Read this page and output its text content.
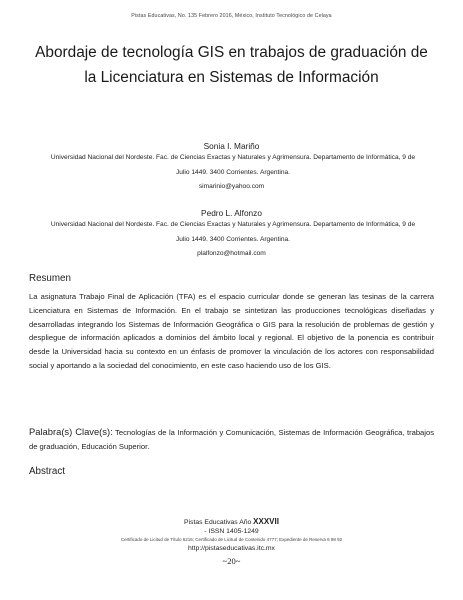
Pistas Educativas, No. 135 Febrero 2016, México, Instituto Tecnológico de Celaya
Abordaje de tecnología GIS en trabajos de graduación de la Licenciatura en Sistemas de Información
Sonia I. Mariño
Universidad Nacional del Nordeste. Fac. de Ciencias Exactas y Naturales y Agrimensura. Departamento de Informática, 9 de Julio 1449. 3400 Corrientes. Argentina.
simarinio@yahoo.com
Pedro L. Alfonzo
Universidad Nacional del Nordeste. Fac. de Ciencias Exactas y Naturales y Agrimensura. Departamento de Informática, 9 de Julio 1449. 3400 Corrientes. Argentina.
plalfonzo@hotmail.com
Resumen

La asignatura Trabajo Final de Aplicación (TFA) es el espacio curricular donde se generan las tesinas de la carrera Licenciatura en Sistemas de Información. En el trabajo se sintetizan las producciones tecnológicas diseñadas y desarrolladas integrando los Sistemas de Información Geográfica o GIS para la resolución de problemas de gestión y despliegue de información aplicados a dominios del ámbito local y regional. El objetivo de la ponencia es contribuir desde la Universidad hacia su contexto en un énfasis de promover la vinculación de los actores con responsabilidad social y aportando a la sociedad del conocimiento, en este caso haciendo uso de los GIS.

Palabra(s) Clave(s): Tecnologías de la Información y Comunicación, Sistemas de Información Geográfica, trabajos de graduación, Educación Superior.

Abstract
Pistas Educativas Año XXXVII
- ISSN 1405-1249
Certificado de Licitud de Título 6216; Certificado de Licitud de Contenido 4777; Expediente de Reserva 6 98 92
http://pistaseducativas.itc.mx
~20~
